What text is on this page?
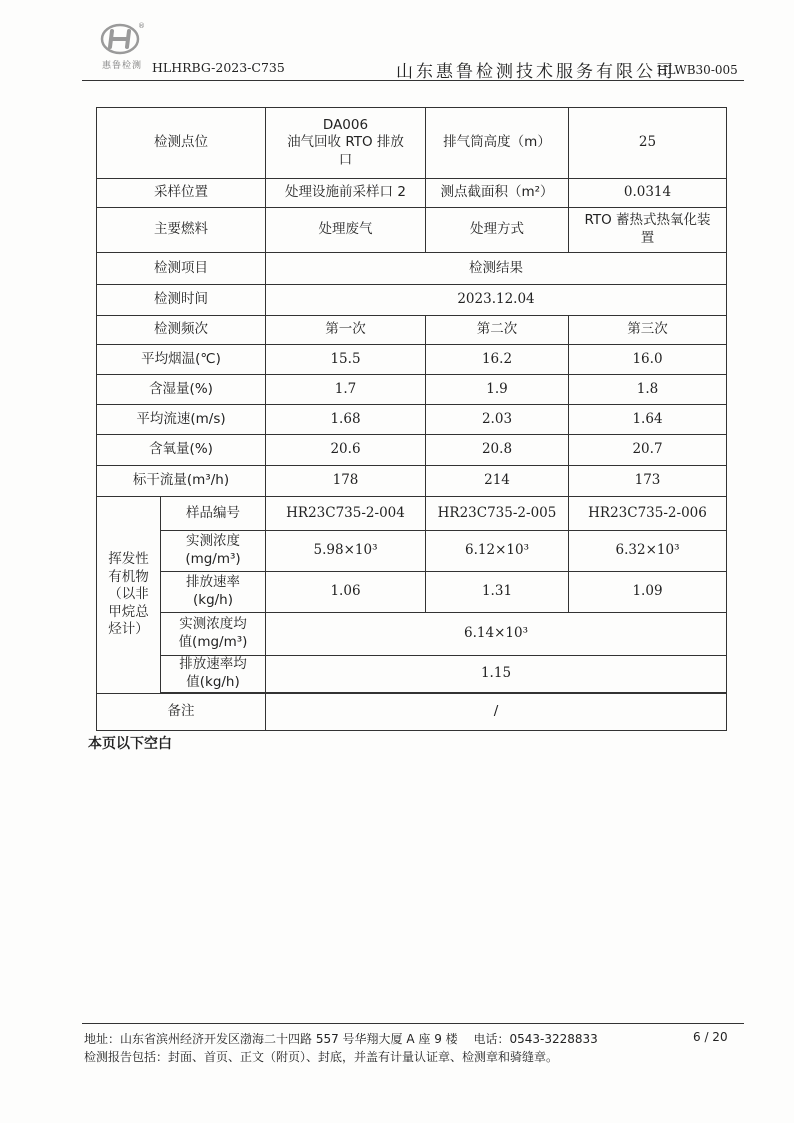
®
惠鲁检测 HLHRBG-2023-C735	山东惠鲁检测技术服务有限公司
HLWB30-005
检测点位		DA006
油气回收 RTO 排放
口	排气筒高度（m）	25
采样位置		处理设施前采样口 2	测点截面积（m²）	0.0314
主要燃料		处理废气	处理方式	RTO 蓄热式热氧化装
置
检测项目		检测结果		
检测时间		2023.12.04		
检测频次		第一次	第二次	第三次
平均烟温(℃)		15.5	16.2	16.0
含湿量(%)		1.7	1.9	1.8
平均流速(m/s)		1.68	2.03	1.64
含氧量(%)		20.6	20.8	20.7
标干流量(m³/h)		178	214	173
挥发性
有机物
（以非
甲烷总
烃计）	样品编号	HR23C735-2-004	HR23C735-2-005	HR23C735-2-006
	实测浓度
(mg/m³)	5.98×10³	6.12×10³	6.32×10³
	排放速率
(kg/h)	1.06	1.31	1.09
	实测浓度均
值(mg/m³)	6.14×10³		
	排放速率均
值(kg/h)	1.15		

备注		/		
本页以下空白
地址：山东省滨州经济开发区渤海二十四路 557 号华翔大厦 A 座 9 楼　 电话：0543-3228833	6 / 20
检测报告包括：封面、首页、正文（附页）、封底，并盖有计量认证章、检测章和骑缝章。
